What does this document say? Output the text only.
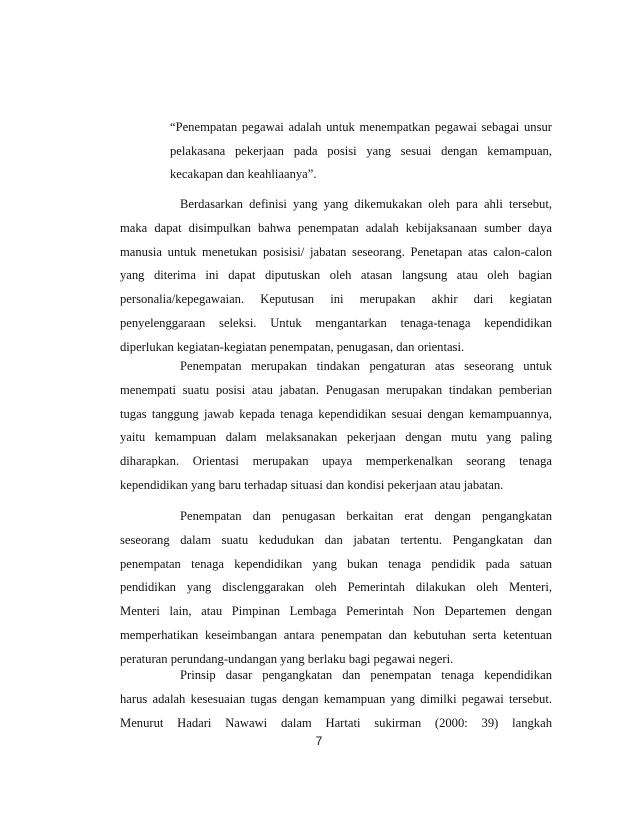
“Penempatan pegawai adalah untuk menempatkan pegawai sebagai unsur
pelakasana pekerjaan pada posisi yang sesuai dengan kemampuan,
kecakapan dan keahliaanya”.
Berdasarkan definisi yang yang dikemukakan oleh para ahli tersebut,
maka dapat disimpulkan bahwa penempatan adalah kebijaksanaan sumber daya
manusia untuk menetukan posisisi/ jabatan seseorang. Penetapan atas calon-calon
yang diterima ini dapat diputuskan oleh atasan langsung atau oleh bagian
personalia/kepegawaian. Keputusan ini merupakan akhir dari kegiatan
penyelenggaraan seleksi. Untuk mengantarkan tenaga-tenaga kependidikan
diperlukan kegiatan-kegiatan penempatan, penugasan, dan orientasi.
Penempatan merupakan tindakan pengaturan atas seseorang untuk
menempati suatu posisi atau jabatan. Penugasan merupakan tindakan pemberian
tugas tanggung jawab kepada tenaga kependidikan sesuai dengan kemampuannya,
yaitu kemampuan dalam melaksanakan pekerjaan dengan mutu yang paling
diharapkan. Orientasi merupakan upaya memperkenalkan seorang tenaga
kependidikan yang baru terhadap situasi dan kondisi pekerjaan atau jabatan.
Penempatan dan penugasan berkaitan erat dengan pengangkatan
seseorang dalam suatu kedudukan dan jabatan tertentu. Pengangkatan dan
penempatan tenaga kependidikan yang bukan tenaga pendidik pada satuan
pendidikan yang disclenggarakan oleh Pemerintah dilakukan oleh Menteri,
Menteri lain, atau Pimpinan Lembaga Pemerintah Non Departemen dengan
memperhatikan keseimbangan antara penempatan dan kebutuhan serta ketentuan
peraturan perundang-undangan yang berlaku bagi pegawai negeri.
Prinsip dasar pengangkatan dan penempatan tenaga kependidikan
harus adalah kesesuaian tugas dengan kemampuan yang dimilki pegawai tersebut.
Menurut Hadari Nawawi dalam Hartati sukirman (2000: 39) langkah
7
